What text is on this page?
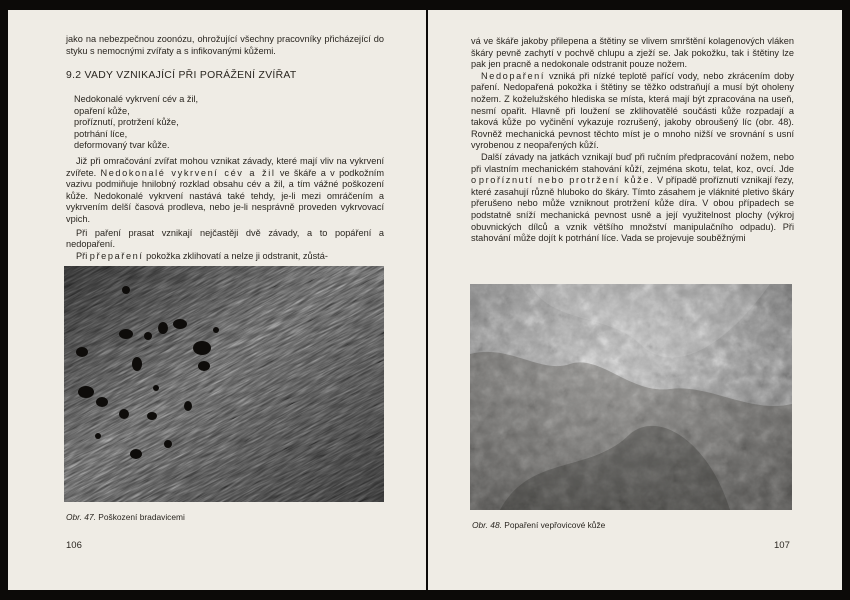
jako na nebezpečnou zoonózu, ohrožující všechny pracovníky přicházející do styku s nemocnými zvířaty a s infikovanými kůžemi.

9.2 VADY VZNIKAJÍCÍ PŘI PORÁŽENÍ ZVÍŘAT
Nedokonalé vykrvení cév a žil,
opaření kůže,
proříznutí, protržení kůže,
potrhání líce,
deformovaný tvar kůže.

Již při omračování zvířat mohou vznikat závady, které mají vliv na vykrvení zvířete. Nedokonalé vykrvení cév a žil ve škáře a v podkožním vazivu podmiňuje hnilobný rozklad obsahu cév a žil, a tím vážné poškození kůže. Nedokonalé vykrvení nastává také tehdy, je-li mezi omráčením a vykrvením delší časová prodleva, nebo je-li nesprávně proveden vykrvovací vpich.

Při paření prasat vznikají nejčastěji dvě závady, a to popáření a nedopaření.

Při přepaření pokožka zklihovatí a nelze ji odstranit, zůstá-

Obr. 47. Poškození bradavicemi
106

vá ve škáře jakoby přilepena a štětiny se vlivem smrštění kolagenových vláken škáry pevně zachytí v pochvě chlupu a zježí se. Jak pokožku, tak i štětiny lze pak jen pracně a nedokonale odstranit pouze nožem.

Nedopaření vzniká při nízké teplotě pařící vody, nebo zkrácením doby paření. Nedopařená pokožka i štětiny se těžko odstraňují a musí být oholeny nožem. Z koželužského hlediska se místa, která mají být zpracována na useň, nesmí opařit. Hlavně při loužení se zklihovatělé součásti kůže rozpadají a taková kůže po vyčinění vykazuje rozrušený, jakoby obroušený líc (obr. 48). Rovněž mechanická pevnost těchto míst je o mnoho nižší ve srovnání s usní vyrobenou z neopařených kůží.

Další závady na jatkách vznikají buď při ručním předpracování nožem, nebo při vlastním mechanickém stahování kůží, zejména skotu, telat, koz, ovcí. Jde o proříznutí nebo protržení kůže. V případě proříznutí vznikají řezy, které zasahují různě hluboko do škáry. Tímto zásahem je vláknité pletivo škáry přerušeno nebo může vzniknout protržení kůže díra. V obou případech se podstatně sníží mechanická pevnost usně a její využitelnost plochy (výkroj obuvnických dílců a vznik většího množství manipulačního odpadu). Při stahování může dojít k potrhání líce. Vada se projevuje souběžnými

Obr. 48. Popaření vepřovicové kůže
107
